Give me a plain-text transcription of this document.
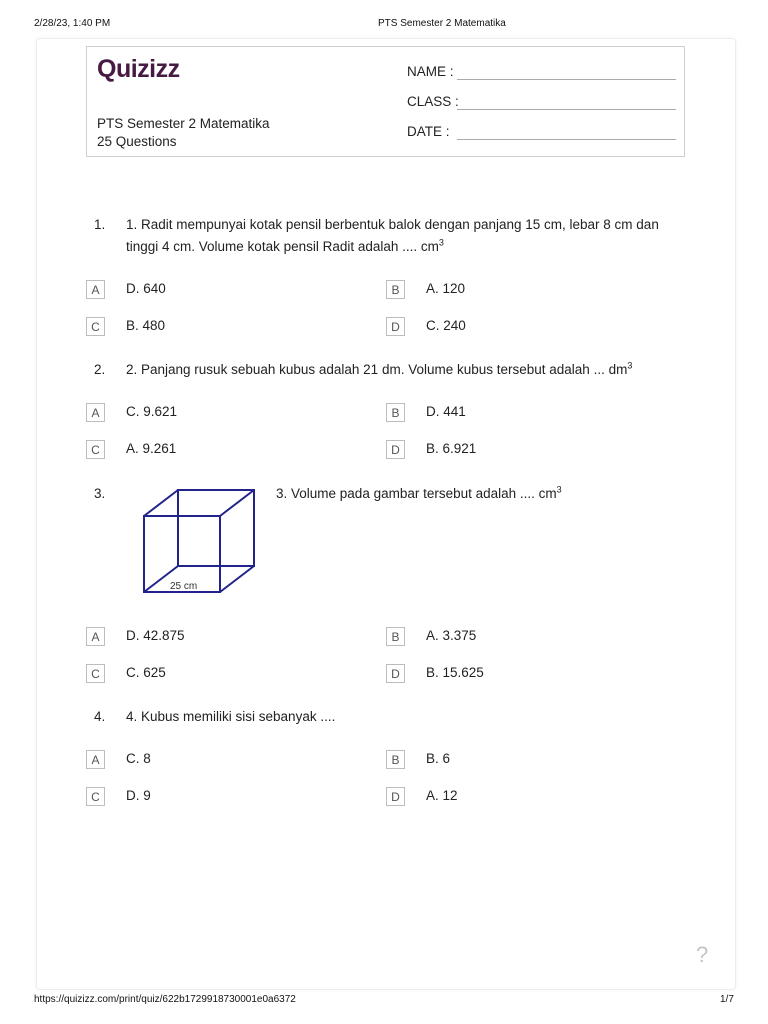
2/28/23, 1:40 PM	PTS Semester 2 Matematika
Quizizz
PTS Semester 2 Matematika
25 Questions
NAME :
CLASS :
DATE :
1. 1. Radit mempunyai kotak pensil berbentuk balok dengan panjang 15 cm, lebar 8 cm dan tinggi 4 cm. Volume kotak pensil Radit adalah .... $cm^3$
A	D. 640	B	A. 120
C	B. 480	D	C. 240
2. 2. Panjang rusuk sebuah kubus adalah 21 dm. Volume kubus tersebut adalah ... $dm^3$
A	C. 9.621	B	D. 441
C	A. 9.261	D	B. 6.921
3.
25 cm
3. Volume pada gambar tersebut adalah .... $cm^3$
A	D. 42.875	B	A. 3.375
C	C. 625	D	B. 15.625
4. 4. Kubus memiliki sisi sebanyak ....
A	C. 8	B	B. 6
C	D. 9	D	A. 12
?
https://quizizz.com/print/quiz/622b1729918730001e0a6372	1/7
